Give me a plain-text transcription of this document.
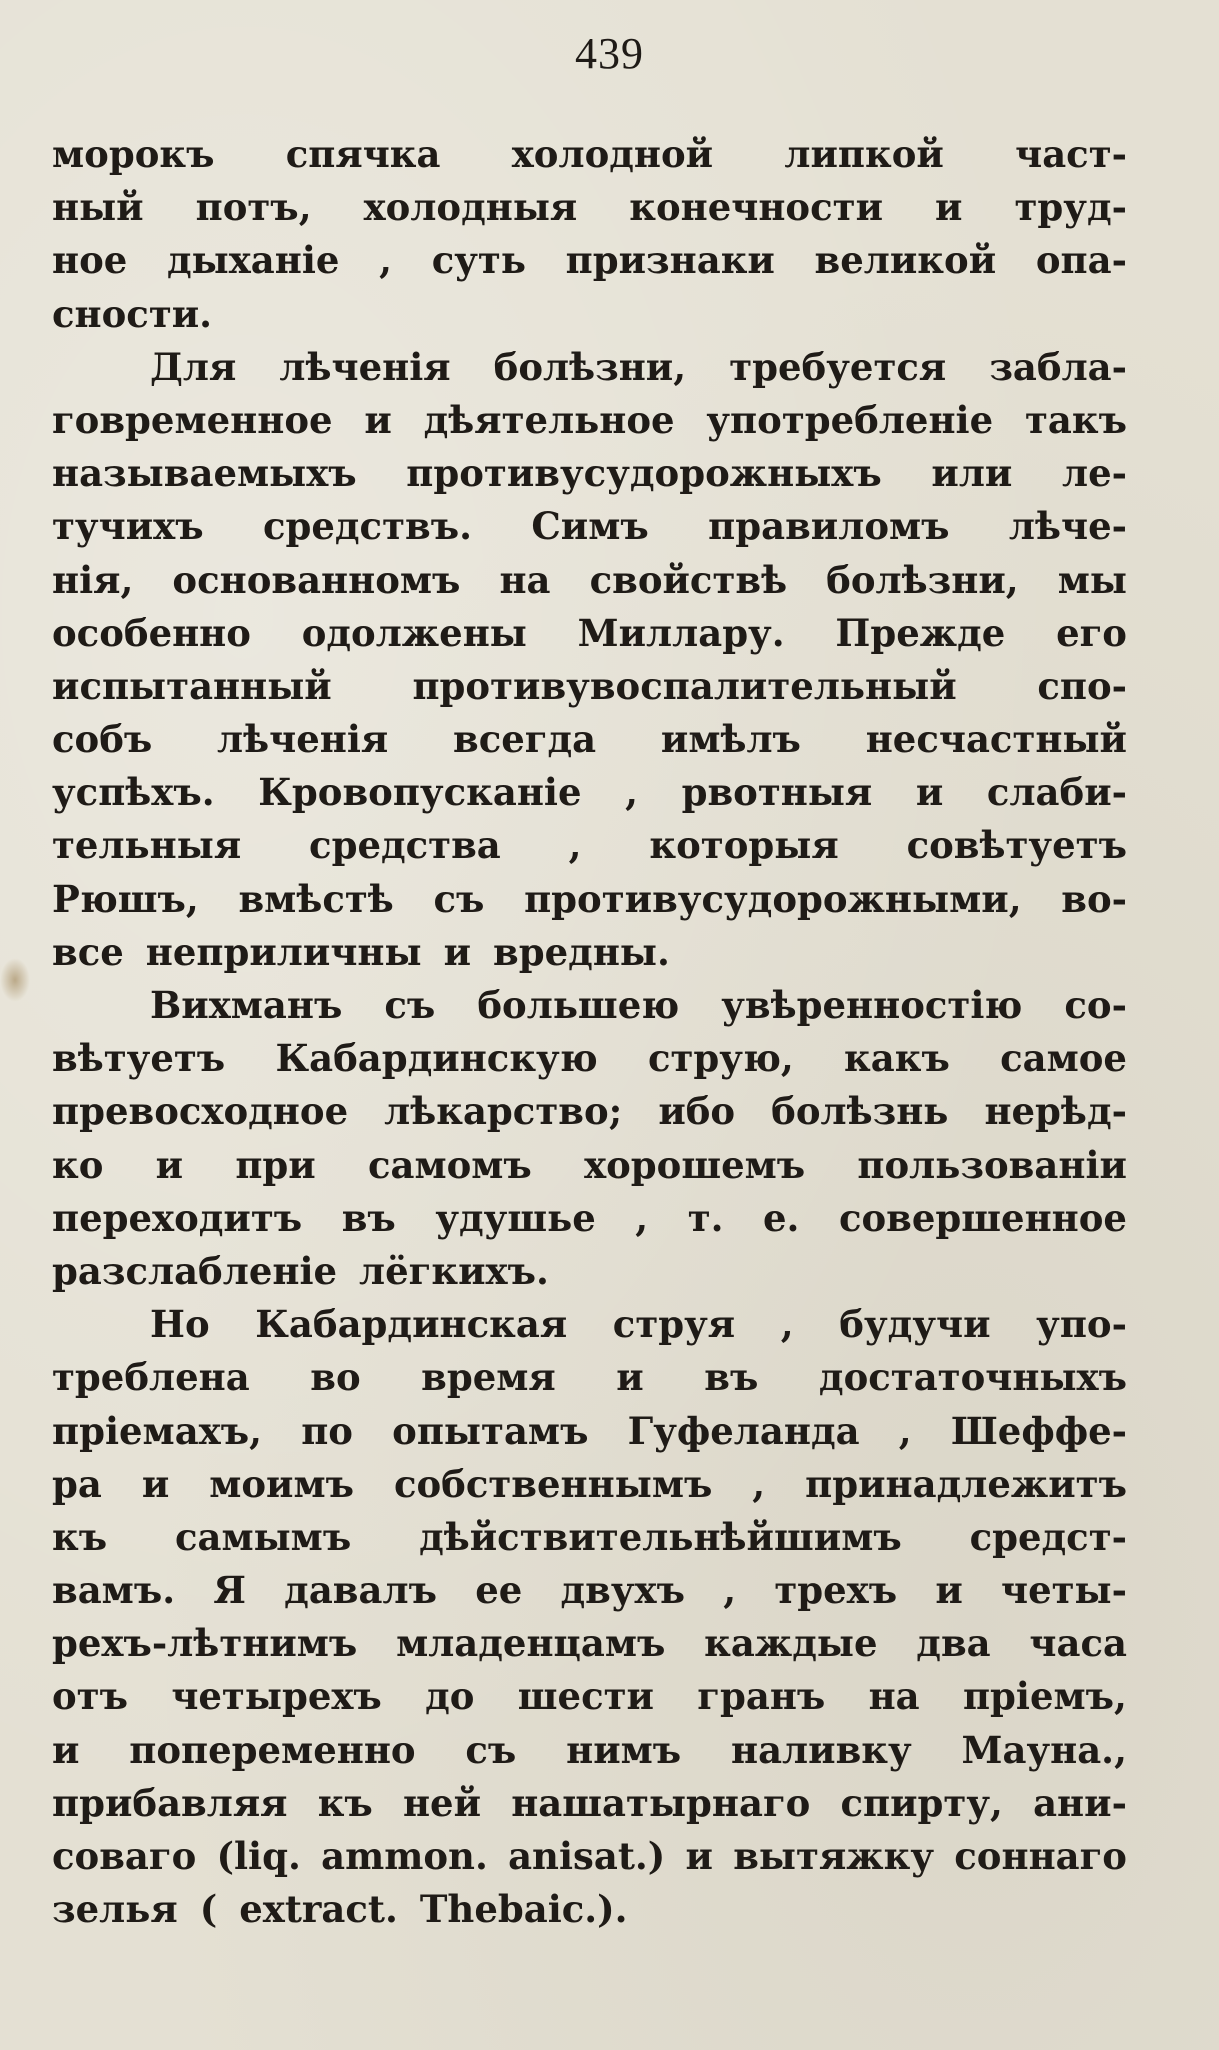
439
морокъ спячка холодной липкой част-
ный потъ, холодныя конечности и труд-
ное дыханіе , суть признаки великой опа-
сности.
Для лѣченія болѣзни, требуется забла-
говременное и дѣятельное употребленіе такъ
называемыхъ противусудорожныхъ или ле-
тучихъ средствъ. Симъ правиломъ лѣче-
нія, основанномъ на свойствѣ болѣзни, мы
особенно одолжены Миллару. Прежде его
испытанный противувоспалительный спо-
собъ лѣченія всегда имѣлъ несчастный
успѣхъ. Кровопусканіе , рвотныя и слаби-
тельныя средства , которыя совѣтуетъ
Рюшъ, вмѣстѣ съ противусудорожными, во-
все неприличны и вредны.
Вихманъ съ большею увѣренностію со-
вѣтуетъ Кабардинскую струю, какъ самое
превосходное лѣкарство; ибо болѣзнь нерѣд-
ко и при самомъ хорошемъ пользованіи
переходитъ въ удушье , т. е. совершенное
разслабленіе лёгкихъ.
Но Кабардинская струя , будучи упо-
треблена во время и въ достаточныхъ
пріемахъ, по опытамъ Гуфеланда , Шеффе-
ра и моимъ собственнымъ , принадлежитъ
къ самымъ дѣйствительнѣйшимъ средст-
вамъ. Я давалъ ее двухъ , трехъ и четы-
рехъ-лѣтнимъ младенцамъ каждые два часа
отъ четырехъ до шести гранъ на пріемъ,
и попеременно съ нимъ наливку Мауна.,
прибавляя къ ней нашатырнаго спирту, ани-
соваго (liq. ammon. anisat.) и вытяжку соннаго
зелья ( extract. Thebaic.).
